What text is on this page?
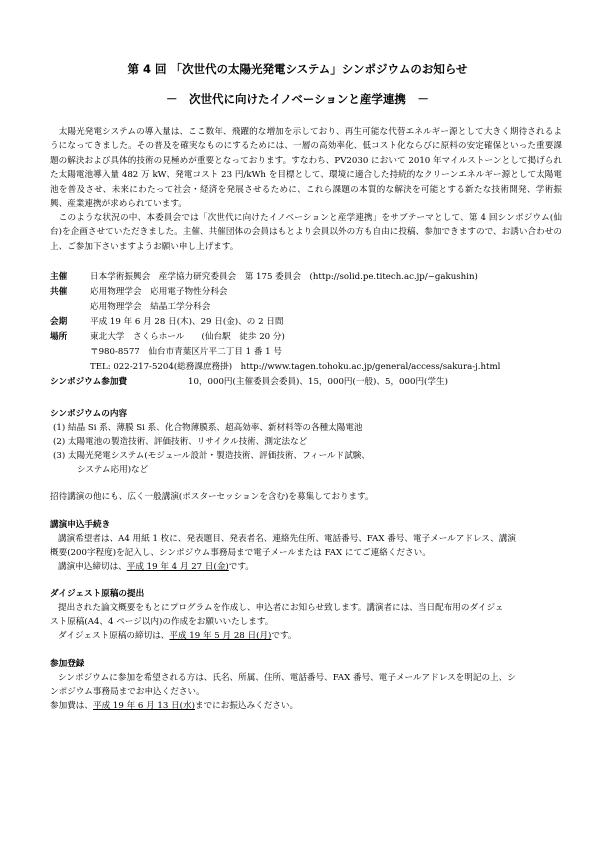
第 4 回 「次世代の太陽光発電システム」シンポジウムのお知らせ
－　次世代に向けたイノベーションと産学連携　－
　太陽光発電システムの導入量は、ここ数年、飛躍的な増加を示しており、再生可能な代替エネルギー源として大きく期待されるようになってきました。その普及を確実なものにするためには、一層の高効率化、低コスト化ならびに原料の安定確保といった重要課題の解決および具体的技術の見極めが重要となっております。すなわち、PV2030 において 2010 年マイルストーンとして掲げられた太陽電池導入量 482 万 kW、発電コスト 23 円/kWh を目標として、環境に適合した持続的なクリーンエネルギー源として太陽電池を普及させ、未来にわたって社会・経済を発展させるために、これら課題の本質的な解決を可能とする新たな技術開発、学術振興、産業連携が求められています。
　このような状況の中、本委員会では「次世代に向けたイノベーションと産学連携」をサブテーマとして、第 4 回シンポジウム(仙台)を企画させていただきました。主催、共催団体の会員はもとより会員以外の方も自由に投稿、参加できますので、お誘い合わせの上、ご参加下さいますようお願い申し上げます。
主催	日本学術振興会　産学協力研究委員会　第 175 委員会　(http://solid.pe.titech.ac.jp/~gakushin)
共催	応用物理学会　応用電子物性分科会
応用物理学会　結晶工学分科会
会期	平成 19 年 6 月 28 日(木)、29 日(金)、の 2 日間
場所	東北大学　さくらホール　　(仙台駅　徒歩 20 分)
〒980-8577　仙台市青葉区片平二丁目 1 番 1 号
TEL: 022-217-5204(総務課庶務掛)　http://www.tagen.tohoku.ac.jp/general/access/sakura-j.html
シンポジウム参加費	10，000円(主催委員会委員)、15，000円(一般)、5，000円(学生)
シンポジウムの内容
(1) 結晶 Si 系、薄膜 Si 系、化合物薄膜系、超高効率、新材料等の各種太陽電池
(2) 太陽電池の製造技術、評価技術、リサイクル技術、測定法など
(3) 太陽光発電システム(モジュール設計・製造技術、評価技術、フィールド試験、
システム応用)など
招待講演の他にも、広く一般講演(ポスターセッションを含む)を募集しております。
講演申込手続き
講演希望者は、A4 用紙 1 枚に、発表題目、発表者名、連絡先住所、電話番号、FAX 番号、電子メールアドレス、講演
概要(200字程度)を記入し、シンポジウム事務局まで電子メールまたは FAX にてご連絡ください。
講演申込締切は、平成 19 年 4 月 27 日(金)です。
ダイジェスト原稿の提出
提出された論文概要をもとにプログラムを作成し、申込者にお知らせ致します。講演者には、当日配布用のダイジェ
スト原稿(A4、4 ページ以内)の作成をお願いいたします。
ダイジェスト原稿の締切は、平成 19 年 5 月 28 日(月)です。
参加登録
シンポジウムに参加を希望される方は、氏名、所属、住所、電話番号、FAX 番号、電子メールアドレスを明記の上、シ
ンポジウム事務局までお申込ください。
参加費は、平成 19 年 6 月 13 日(水)までにお振込みください。
